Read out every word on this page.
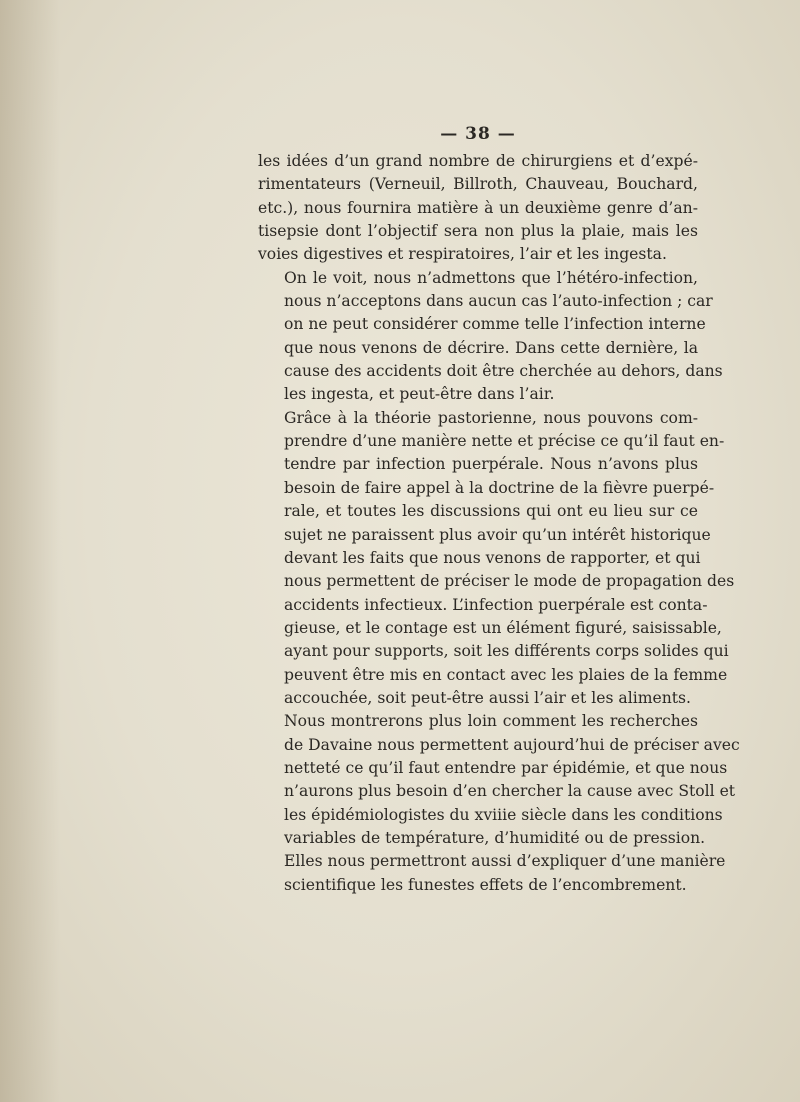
— 38 —

les idées d’un grand nombre de chirurgiens et d’expé-
rimentateurs (Verneuil, Billroth, Chauveau, Bouchard,
etc.), nous fournira matière à un deuxième genre d’an-
tisepsie dont l’objectif sera non plus la plaie, mais les
voies digestives et respiratoires, l’air et les ingesta.

On le voit, nous n’admettons que l’hétéro-infection,
nous n’acceptons dans aucun cas l’auto-infection ; car
on ne peut considérer comme telle l’infection interne
que nous venons de décrire. Dans cette dernière, la
cause des accidents doit être cherchée au dehors, dans
les ingesta, et peut-être dans l’air.

Grâce à la théorie pastorienne, nous pouvons com-
prendre d’une manière nette et précise ce qu’il faut en-
tendre par infection puerpérale. Nous n’avons plus
besoin de faire appel à la doctrine de la fièvre puerpé-
rale, et toutes les discussions qui ont eu lieu sur ce
sujet ne paraissent plus avoir qu’un intérêt historique
devant les faits que nous venons de rapporter, et qui
nous permettent de préciser le mode de propagation des
accidents infectieux. L’infection puerpérale est conta-
gieuse, et le contage est un élément figuré, saisissable,
ayant pour supports, soit les différents corps solides qui
peuvent être mis en contact avec les plaies de la femme
accouchée, soit peut-être aussi l’air et les aliments.

Nous montrerons plus loin comment les recherches
de Davaine nous permettent aujourd’hui de préciser avec
netteté ce qu’il faut entendre par épidémie, et que nous
n’aurons plus besoin d’en chercher la cause avec Stoll et
les épidémiologistes du xviiie siècle dans les conditions
variables de température, d’humidité ou de pression.
Elles nous permettront aussi d’expliquer d’une manière
scientifique les funestes effets de l’encombrement.
